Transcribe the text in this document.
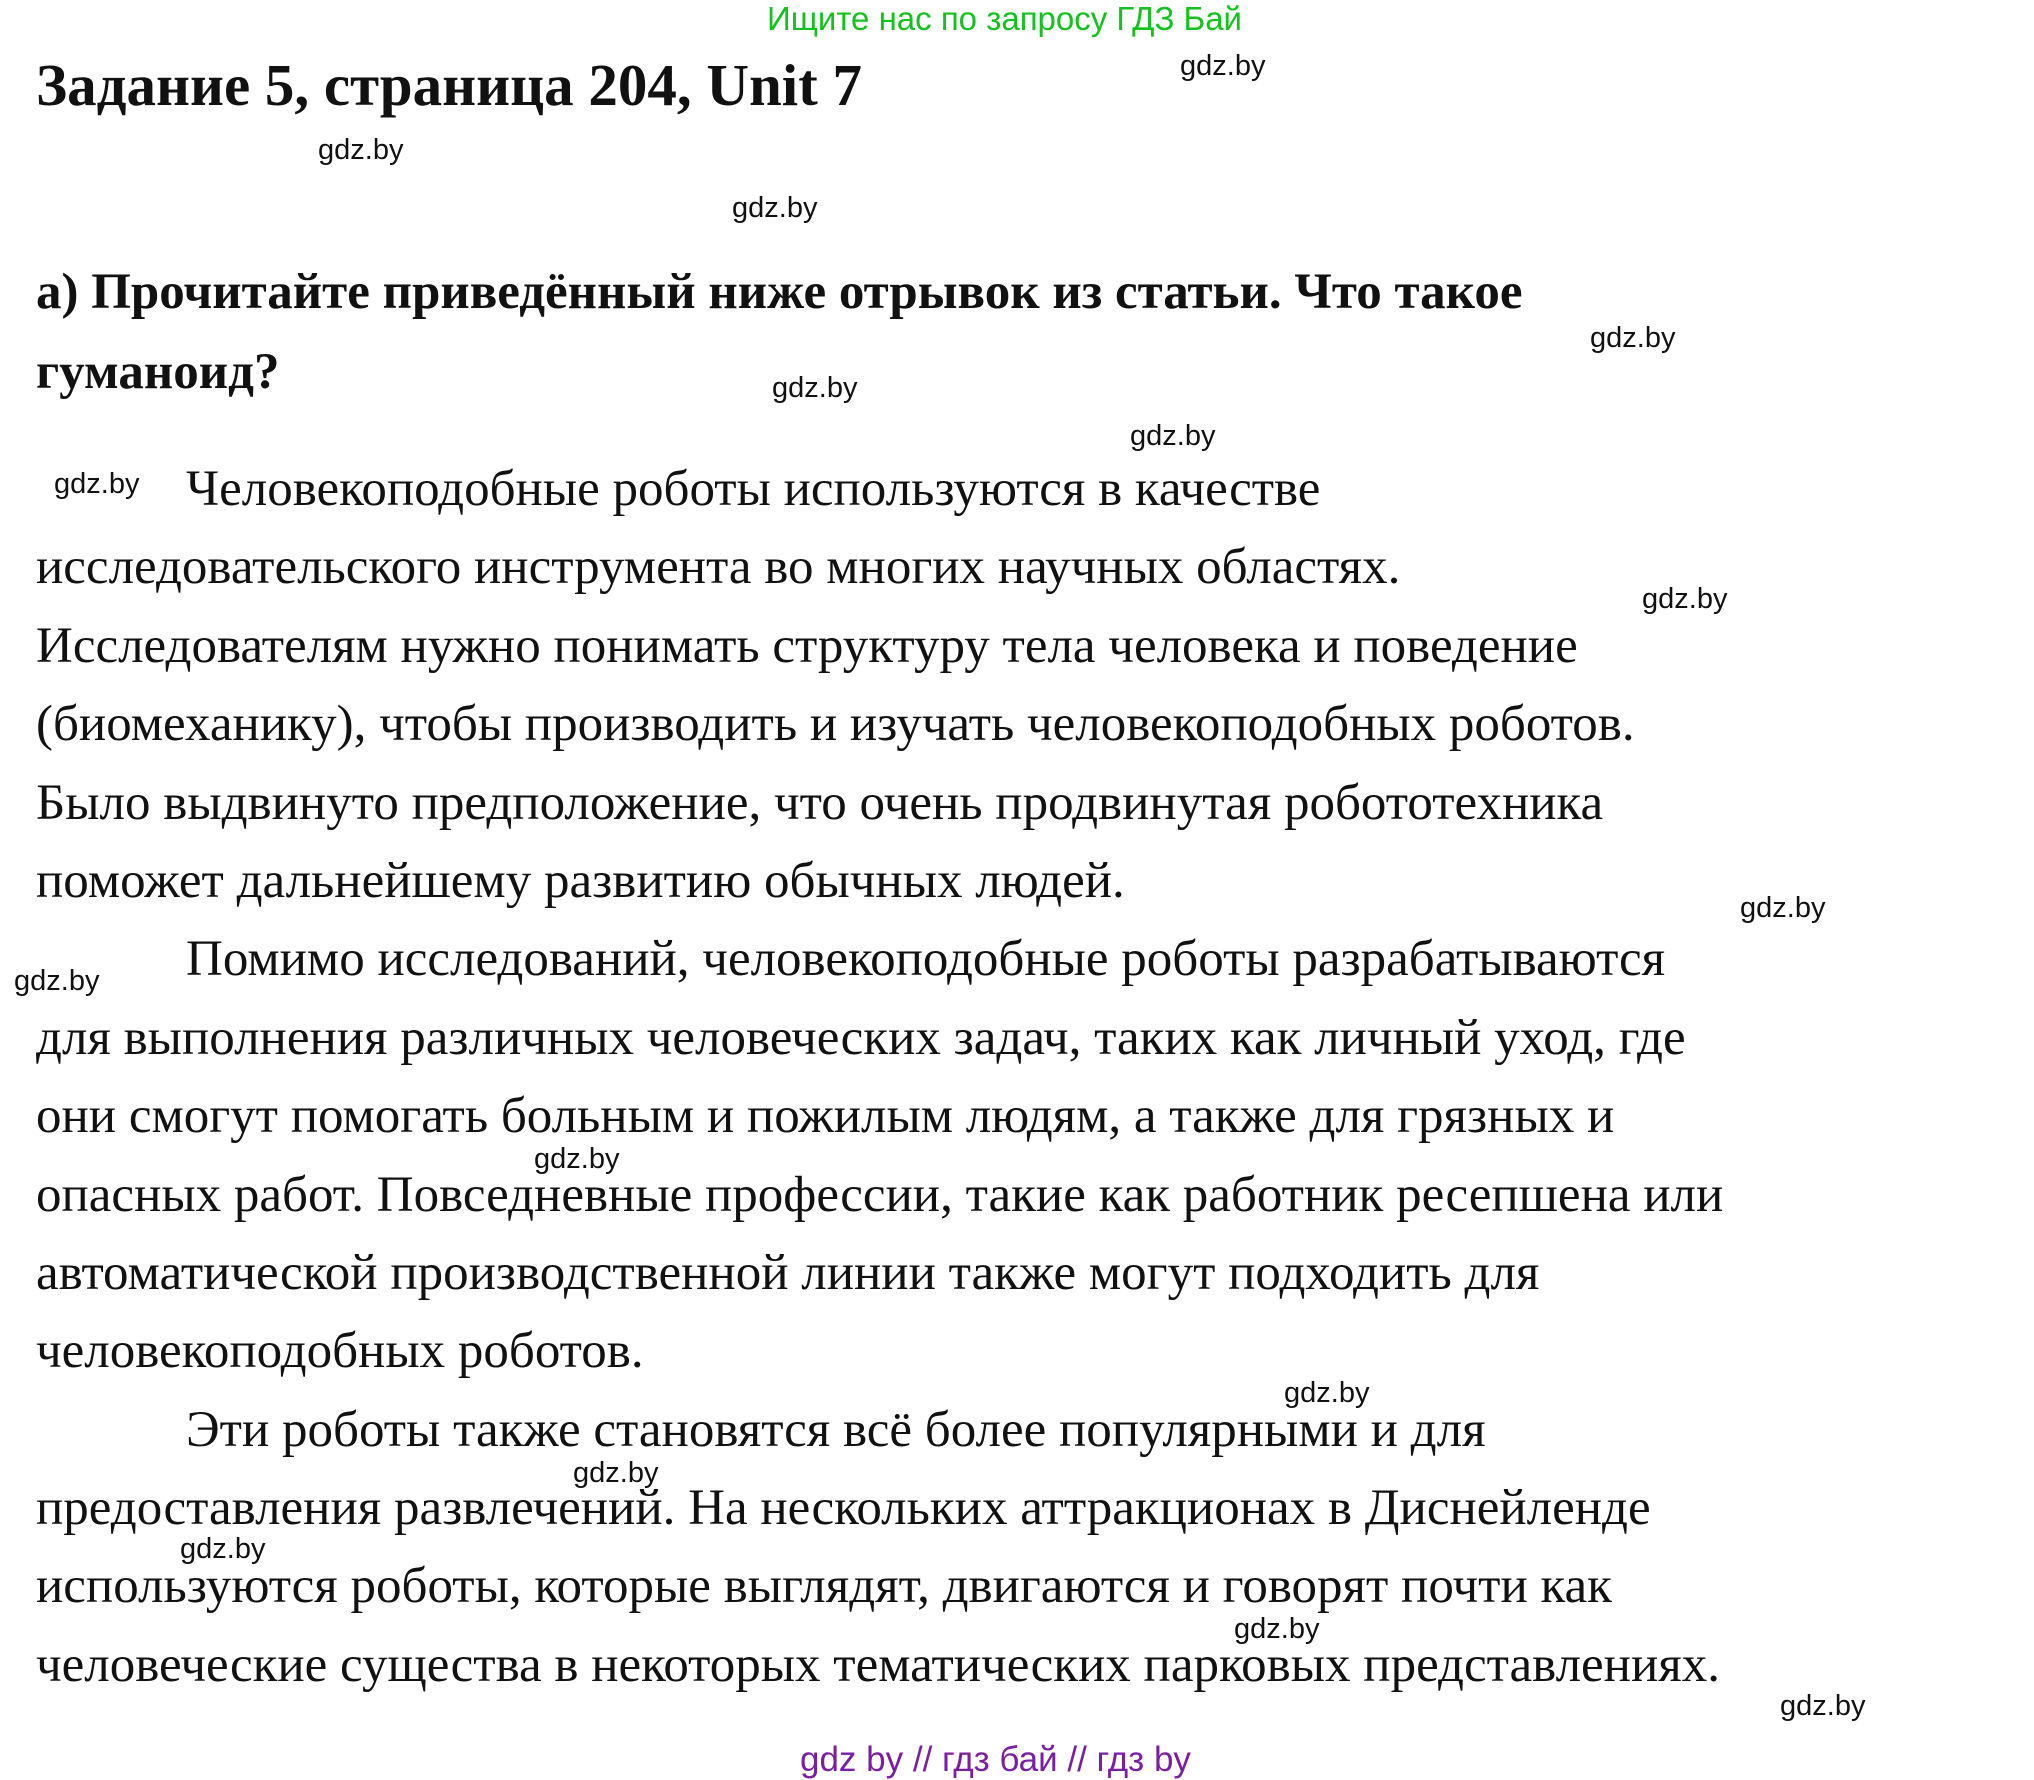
Ищите нас по запросу ГДЗ Бай
Задание 5, страница 204, Unit 7
а) Прочитайте приведённый ниже отрывок из статьи. Что такое
гуманоид?
Человекоподобные роботы используются в качестве
исследовательского инструмента во многих научных областях.
Исследователям нужно понимать структуру тела человека и поведение
(биомеханику), чтобы производить и изучать человекоподобных роботов.
Было выдвинуто предположение, что очень продвинутая робототехника
поможет дальнейшему развитию обычных людей.
Помимо исследований, человекоподобные роботы разрабатываются
для выполнения различных человеческих задач, таких как личный уход, где
они смогут помогать больным и пожилым людям, а также для грязных и
опасных работ. Повседневные профессии, такие как работник ресепшена или
автоматической производственной линии также могут подходить для
человекоподобных роботов.
Эти роботы также становятся всё более популярными и для
предоставления развлечений. На нескольких аттракционах в Диснейленде
используются роботы, которые выглядят, двигаются и говорят почти как
человеческие существа в некоторых тематических парковых представлениях.
gdz.by
gdz.by
gdz.by
gdz.by
gdz.by
gdz.by
gdz.by
gdz.by
gdz.by
gdz.by
gdz.by
gdz.by
gdz.by
gdz.by
gdz.by
gdz.by
gdz by // гдз бай // гдз by
